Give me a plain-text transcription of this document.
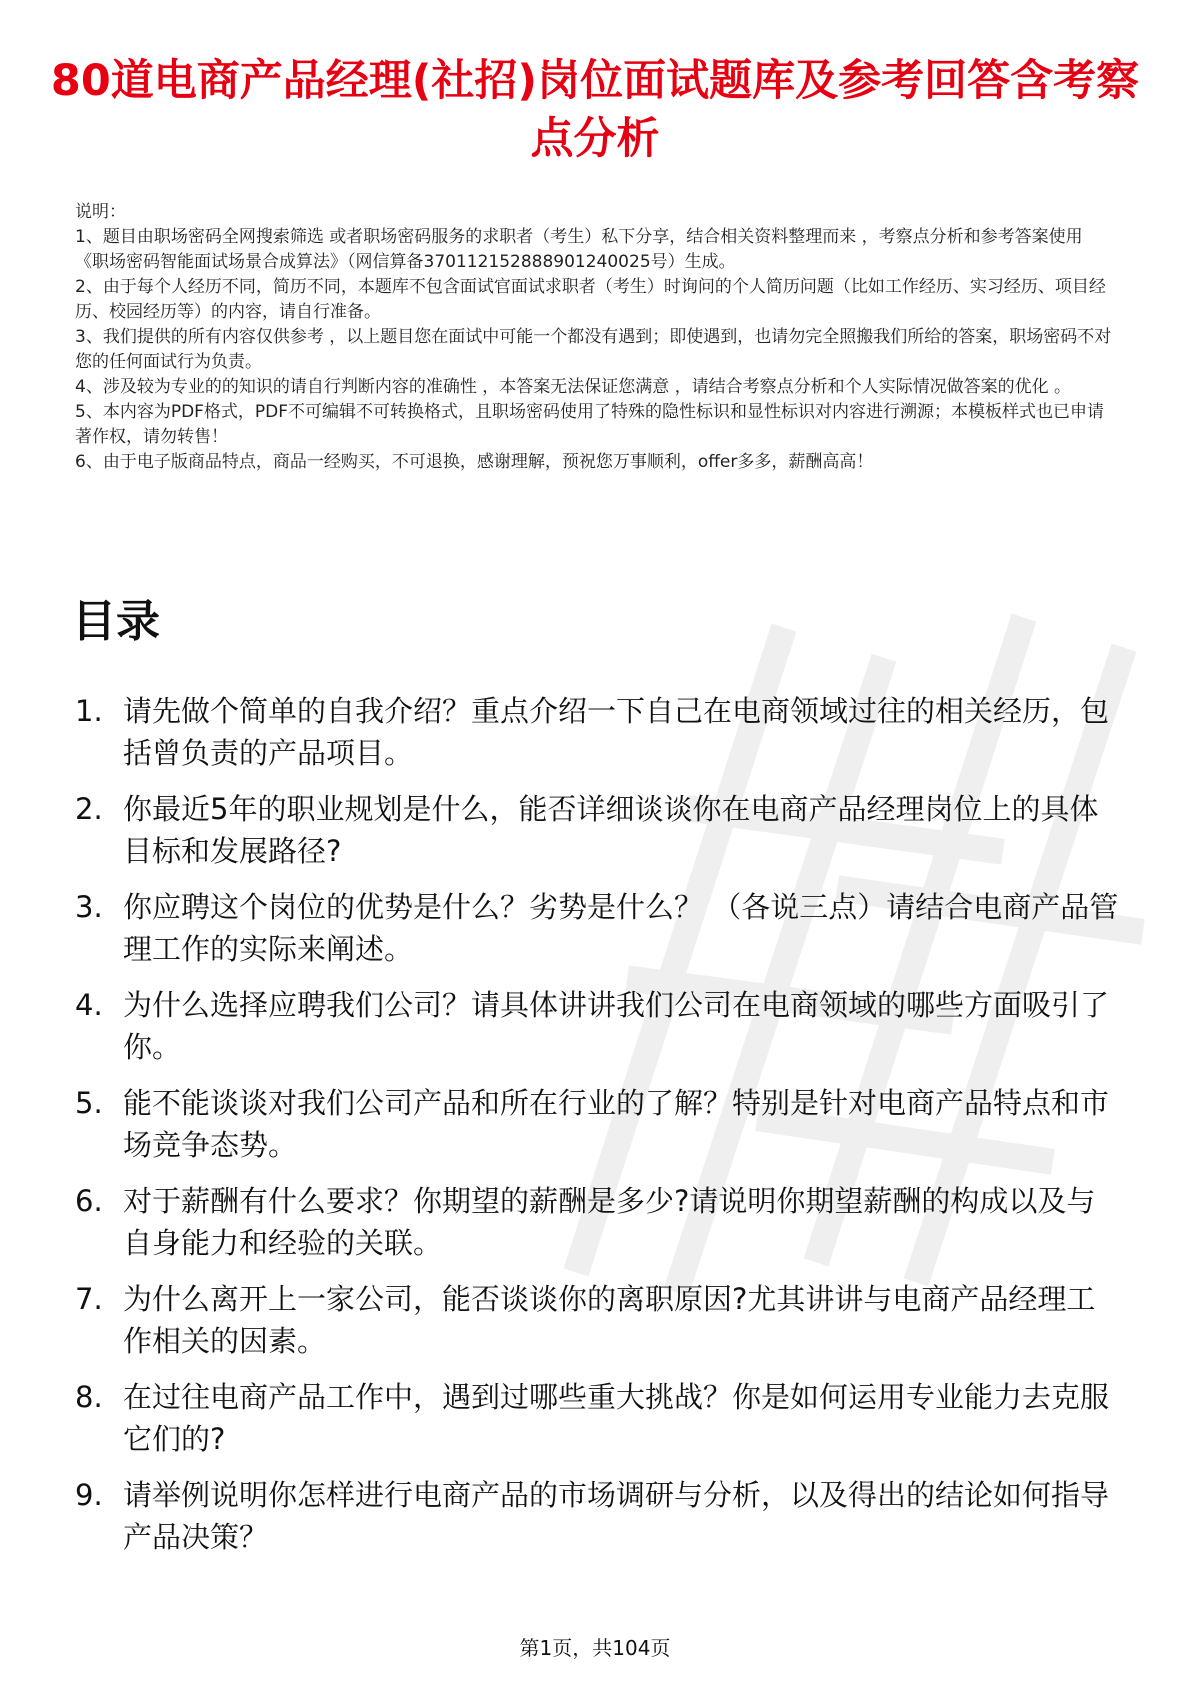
80道电商产品经理(社招)岗位面试题库及参考回答含考察点分析

说明：

1、题目由职场密码全网搜索筛选 或者职场密码服务的求职者（考生）私下分享，结合相关资料整理而来 ，考察点分析和参考答案使用《职场密码智能面试场景合成算法》（网信算备370112152888901240025号）生成。

2、由于每个人经历不同，简历不同，本题库不包含面试官面试求职者（考生）时询问的个人简历问题（比如工作经历、实习经历、项目经历、校园经历等）的内容，请自行准备。

3、我们提供的所有内容仅供参考 ，以上题目您在面试中可能一个都没有遇到；即使遇到，也请勿完全照搬我们所给的答案，职场密码不对您的任何面试行为负责。

4、涉及较为专业的的知识的请自行判断内容的准确性 ，本答案无法保证您满意 ，请结合考察点分析和个人实际情况做答案的优化 。

5、本内容为PDF格式，PDF不可编辑不可转换格式，且职场密码使用了特殊的隐性标识和显性标识对内容进行溯源；本模板样式也已申请著作权，请勿转售！

6、由于电子版商品特点，商品一经购买，不可退换，感谢理解，预祝您万事顺利，offer多多，薪酬高高！

目录
1. 请先做个简单的自我介绍？重点介绍一下自己在电商领域过往的相关经历，包括曾负责的产品项目。
2. 你最近5年的职业规划是什么，能否详细谈谈你在电商产品经理岗位上的具体目标和发展路径?
3. 你应聘这个岗位的优势是什么？劣势是什么？ （各说三点）请结合电商产品管理工作的实际来阐述。
4. 为什么选择应聘我们公司？请具体讲讲我们公司在电商领域的哪些方面吸引了你。
5. 能不能谈谈对我们公司产品和所在行业的了解？特别是针对电商产品特点和市场竞争态势。
6. 对于薪酬有什么要求？你期望的薪酬是多少?请说明你期望薪酬的构成以及与自身能力和经验的关联。
7. 为什么离开上一家公司，能否谈谈你的离职原因?尤其讲讲与电商产品经理工作相关的因素。
8. 在过往电商产品工作中，遇到过哪些重大挑战？你是如何运用专业能力去克服它们的?
9. 请举例说明你怎样进行电商产品的市场调研与分析，以及得出的结论如何指导产品决策？
第1页，共104页
